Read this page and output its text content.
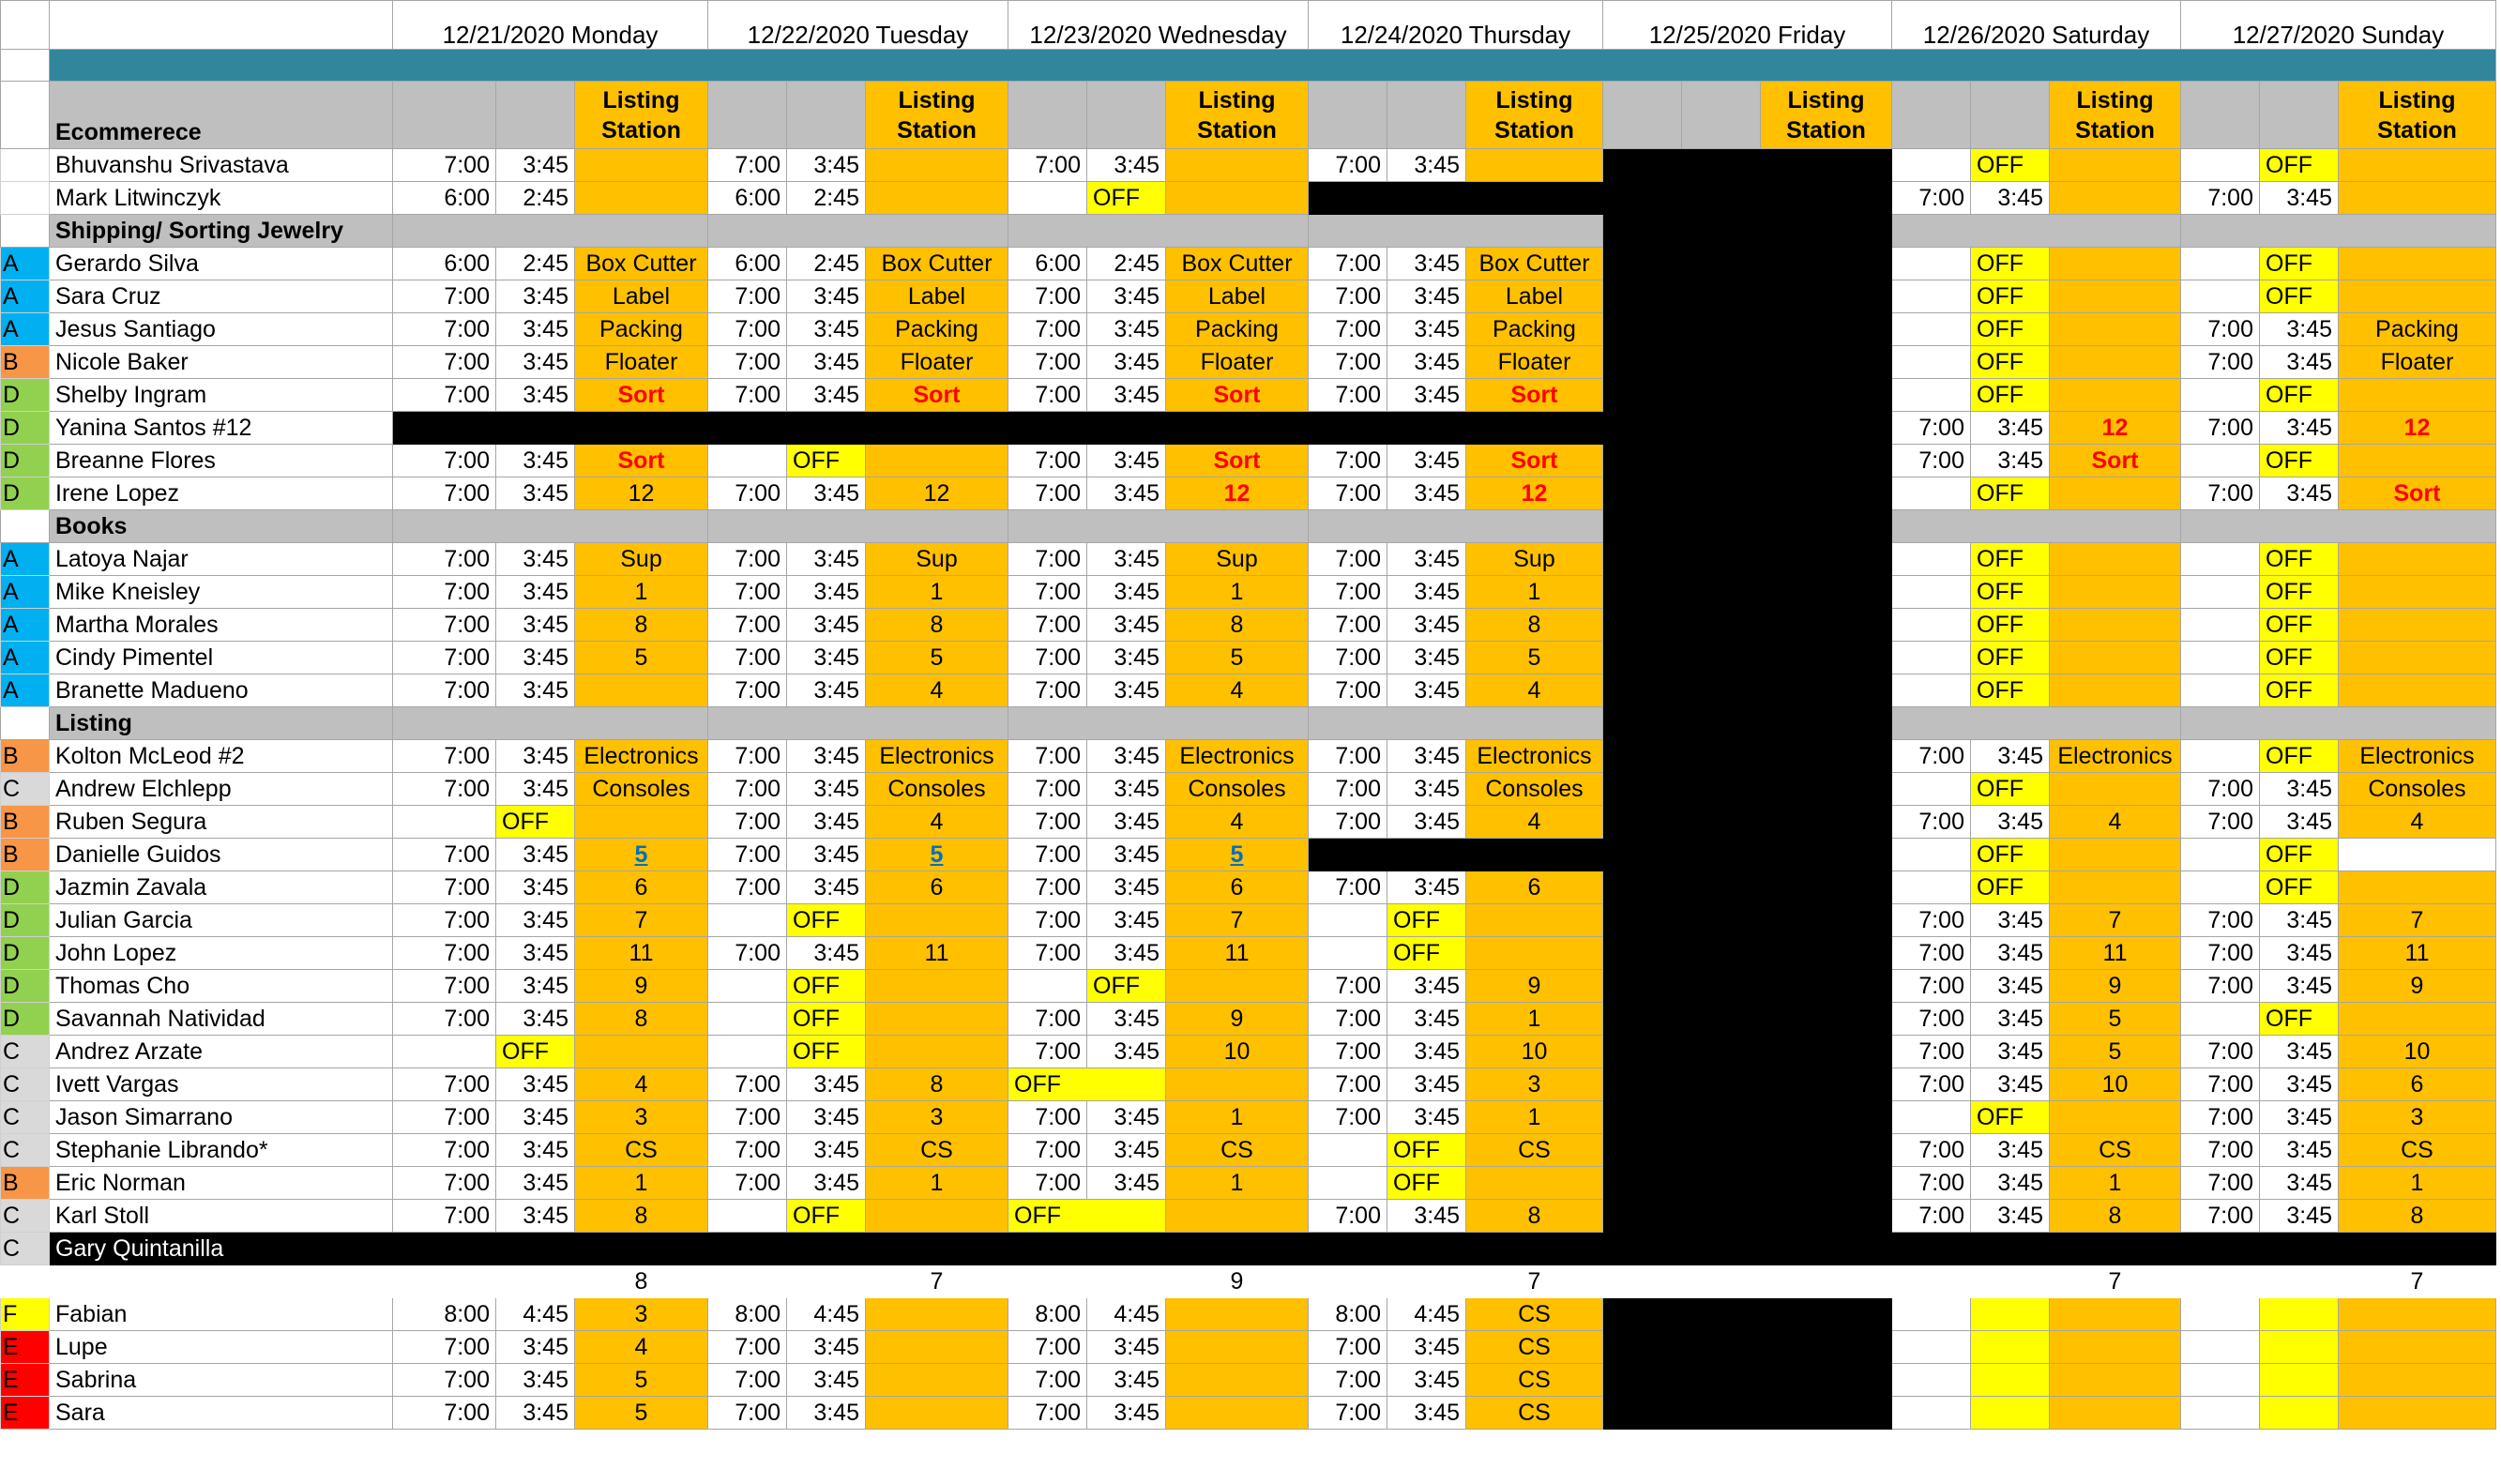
		12/21/2020 Monday			12/22/2020 Tuesday			12/23/2020 Wednesday			12/24/2020 Thursday			12/25/2020 Friday			12/26/2020 Saturday			12/27/2020 Sunday		

	Ecommerece			Listing Station			Listing Station			Listing Station			Listing Station			Listing Station			Listing Station			Listing Station
	Bhuvanshu Srivastava	7:00	3:45		7:00	3:45		7:00	3:45		7:00	3:45						OFF			OFF	
	Mark Litwinczyk	6:00	2:45		6:00	2:45			OFF								7:00	3:45		7:00	3:45	
	Shipping/ Sorting Jewelry																					
A	Gerardo Silva	6:00	2:45	Box Cutter	6:00	2:45	Box Cutter	6:00	2:45	Box Cutter	7:00	3:45	Box Cutter					OFF			OFF	
A	Sara Cruz	7:00	3:45	Label	7:00	3:45	Label	7:00	3:45	Label	7:00	3:45	Label					OFF			OFF	
A	Jesus Santiago	7:00	3:45	Packing	7:00	3:45	Packing	7:00	3:45	Packing	7:00	3:45	Packing					OFF		7:00	3:45	Packing
B	Nicole Baker	7:00	3:45	Floater	7:00	3:45	Floater	7:00	3:45	Floater	7:00	3:45	Floater					OFF		7:00	3:45	Floater
D	Shelby Ingram	7:00	3:45	Sort	7:00	3:45	Sort	7:00	3:45	Sort	7:00	3:45	Sort					OFF			OFF	
D	Yanina Santos #12																7:00	3:45	12	7:00	3:45	12
D	Breanne Flores	7:00	3:45	Sort		OFF		7:00	3:45	Sort	7:00	3:45	Sort				7:00	3:45	Sort		OFF	
D	Irene Lopez	7:00	3:45	12	7:00	3:45	12	7:00	3:45	12	7:00	3:45	12					OFF		7:00	3:45	Sort
	Books																					
A	Latoya Najar	7:00	3:45	Sup	7:00	3:45	Sup	7:00	3:45	Sup	7:00	3:45	Sup					OFF			OFF	
A	Mike Kneisley	7:00	3:45	1	7:00	3:45	1	7:00	3:45	1	7:00	3:45	1					OFF			OFF	
A	Martha Morales	7:00	3:45	8	7:00	3:45	8	7:00	3:45	8	7:00	3:45	8					OFF			OFF	
A	Cindy Pimentel	7:00	3:45	5	7:00	3:45	5	7:00	3:45	5	7:00	3:45	5					OFF			OFF	
A	Branette Madueno	7:00	3:45		7:00	3:45	4	7:00	3:45	4	7:00	3:45	4					OFF			OFF	
	Listing																					
B	Kolton McLeod #2	7:00	3:45	Electronics	7:00	3:45	Electronics	7:00	3:45	Electronics	7:00	3:45	Electronics				7:00	3:45	Electronics		OFF	Electronics
C	Andrew Elchlepp	7:00	3:45	Consoles	7:00	3:45	Consoles	7:00	3:45	Consoles	7:00	3:45	Consoles					OFF		7:00	3:45	Consoles
B	Ruben Segura		OFF		7:00	3:45	4	7:00	3:45	4	7:00	3:45	4				7:00	3:45	4	7:00	3:45	4
B	Danielle Guidos	7:00	3:45	5	7:00	3:45	5	7:00	3:45	5								OFF			OFF	
D	Jazmin Zavala	7:00	3:45	6	7:00	3:45	6	7:00	3:45	6	7:00	3:45	6					OFF			OFF	
D	Julian Garcia	7:00	3:45	7		OFF		7:00	3:45	7		OFF					7:00	3:45	7	7:00	3:45	7
D	John Lopez	7:00	3:45	11	7:00	3:45	11	7:00	3:45	11		OFF					7:00	3:45	11	7:00	3:45	11
D	Thomas Cho	7:00	3:45	9		OFF			OFF		7:00	3:45	9				7:00	3:45	9	7:00	3:45	9
D	Savannah Natividad	7:00	3:45	8		OFF		7:00	3:45	9	7:00	3:45	1				7:00	3:45	5		OFF	
C	Andrez Arzate		OFF			OFF		7:00	3:45	10	7:00	3:45	10				7:00	3:45	5	7:00	3:45	10
C	Ivett Vargas	7:00	3:45	4	7:00	3:45	8	OFF			7:00	3:45	3				7:00	3:45	10	7:00	3:45	6
C	Jason Simarrano	7:00	3:45	3	7:00	3:45	3	7:00	3:45	1	7:00	3:45	1					OFF		7:00	3:45	3
C	Stephanie Librando*	7:00	3:45	CS	7:00	3:45	CS	7:00	3:45	CS		OFF	CS				7:00	3:45	CS	7:00	3:45	CS
B	Eric Norman	7:00	3:45	1	7:00	3:45	1	7:00	3:45	1		OFF					7:00	3:45	1	7:00	3:45	1
C	Karl Stoll	7:00	3:45	8		OFF		OFF			7:00	3:45	8				7:00	3:45	8	7:00	3:45	8
C	Gary Quintanilla																					
				8			7			9			7						7			7
F	Fabian	8:00	4:45	3	8:00	4:45		8:00	4:45		8:00	4:45	CS									
E	Lupe	7:00	3:45	4	7:00	3:45		7:00	3:45		7:00	3:45	CS									
E	Sabrina	7:00	3:45	5	7:00	3:45		7:00	3:45		7:00	3:45	CS									
E	Sara	7:00	3:45	5	7:00	3:45		7:00	3:45		7:00	3:45	CS									
